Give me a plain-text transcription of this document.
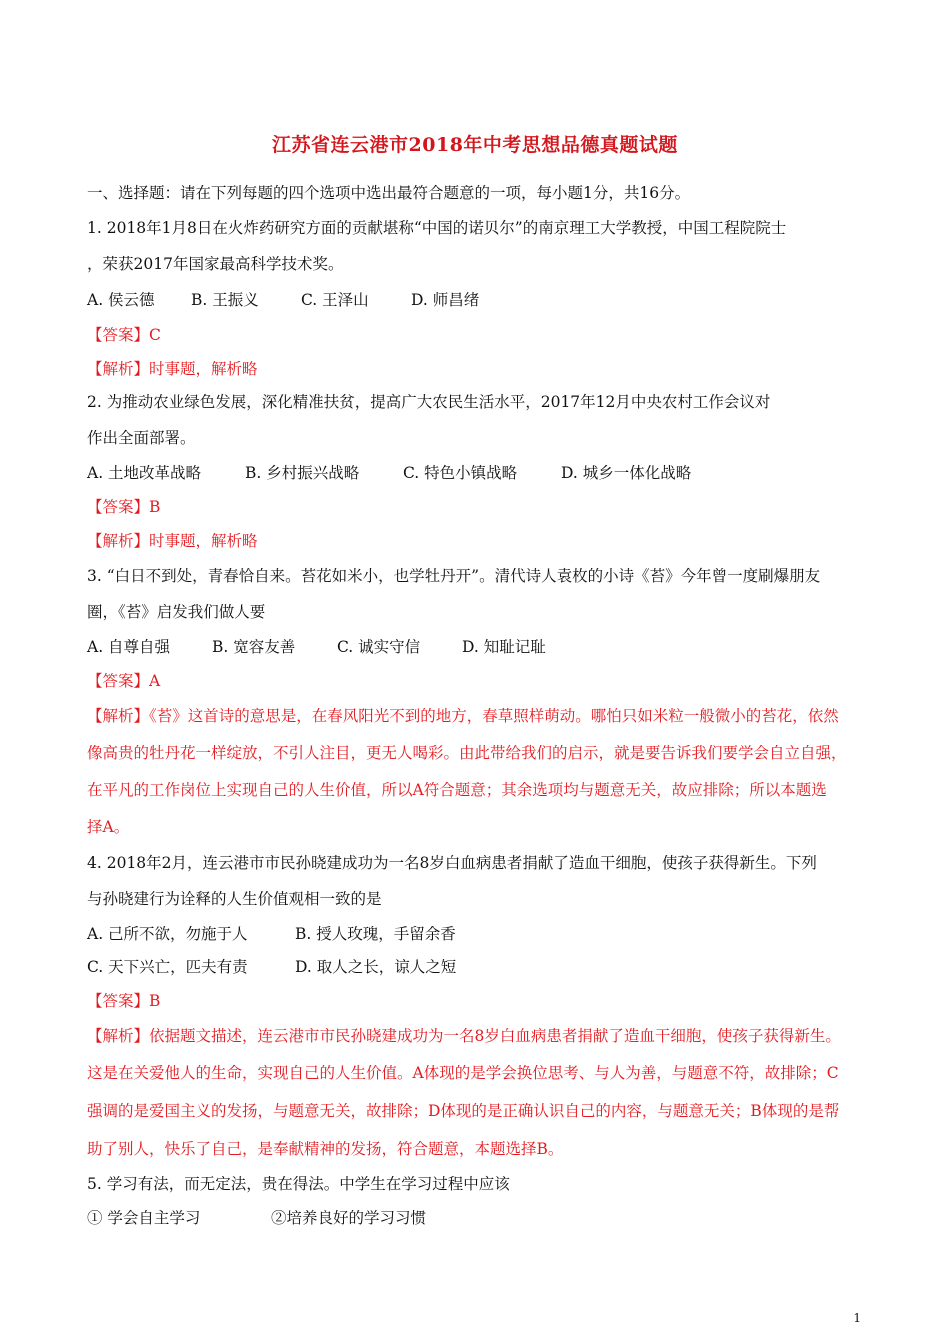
江苏省连云港市2018年中考思想品德真题试题
一、选择题：请在下列每题的四个选项中选出最符合题意的一项，每小题1分，共16分。
1. 2018年1月8日在火炸药研究方面的贡献堪称“中国的诺贝尔”的南京理工大学教授，中国工程院院士
，荣获2017年国家最高科学技术奖。
A. 侯云德 B. 王振义	C. 王泽山	D. 师昌绪
【答案】C
【解析】时事题，解析略
2. 为推动农业绿色发展，深化精准扶贫，提高广大农民生活水平，2017年12月中央农村工作会议对
作出全面部署。
A. 土地改革战略	B. 乡村振兴战略	C. 特色小镇战略	D. 城乡一体化战略
【答案】B
【解析】时事题，解析略
3. “白日不到处，青春恰自来。苔花如米小，也学牡丹开”。清代诗人袁枚的小诗《苔》今年曾一度刷爆朋友
圈，《苔》启发我们做人要
A. 自尊自强	B. 宽容友善	C. 诚实守信	D. 知耻记耻
【答案】A
【解析】《苔》这首诗的意思是，在春风阳光不到的地方，春草照样萌动。哪怕只如米粒一般微小的苔花，依然
像高贵的牡丹花一样绽放，不引人注目，更无人喝彩。由此带给我们的启示，就是要告诉我们要学会自立自强，
在平凡的工作岗位上实现自己的人生价值，所以A符合题意；其余选项均与题意无关，故应排除；所以本题选
择A。
4. 2018年2月，连云港市市民孙晓建成功为一名8岁白血病患者捐献了造血干细胞，使孩子获得新生。下列
与孙晓建行为诠释的人生价值观相一致的是
A. 己所不欲，勿施于人	B. 授人玫瑰，手留余香
C. 天下兴亡，匹夫有责	D. 取人之长，谅人之短
【答案】B
【解析】依据题文描述，连云港市市民孙晓建成功为一名8岁白血病患者捐献了造血干细胞，使孩子获得新生。
这是在关爱他人的生命，实现自己的人生价值。A体现的是学会换位思考、与人为善，与题意不符，故排除；C
强调的是爱国主义的发扬，与题意无关，故排除；D体现的是正确认识自己的内容，与题意无关；B体现的是帮
助了别人，快乐了自己，是奉献精神的发扬，符合题意，本题选择B。
5. 学习有法，而无定法，贵在得法。中学生在学习过程中应该
① 学会自主学习	②培养良好的学习习惯
1
